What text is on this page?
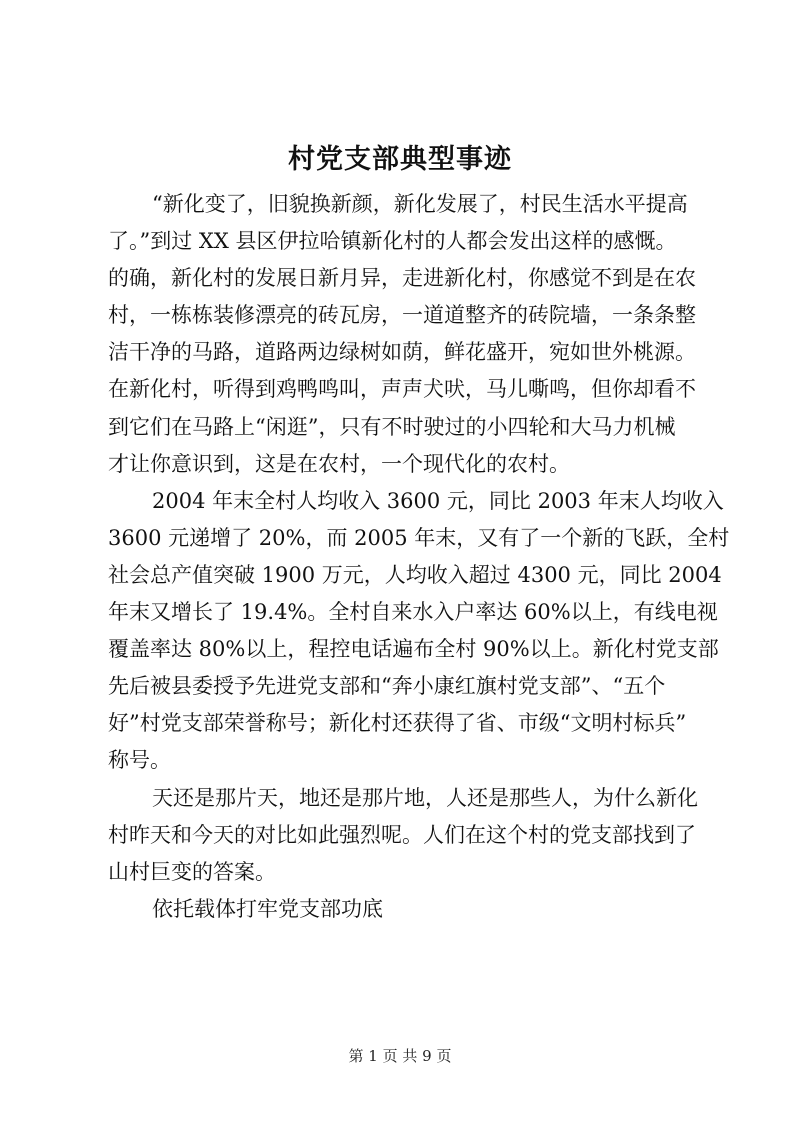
村党支部典型事迹

“新化变了，旧貌换新颜，新化发展了，村民生活水平提高

了。”到过 XX 县区伊拉哈镇新化村的人都会发出这样的感慨。

的确，新化村的发展日新月异，走进新化村，你感觉不到是在农

村，一栋栋装修漂亮的砖瓦房，一道道整齐的砖院墙，一条条整

洁干净的马路，道路两边绿树如荫，鲜花盛开，宛如世外桃源。

在新化村，听得到鸡鸭鸣叫，声声犬吠，马儿嘶鸣，但你却看不

到它们在马路上“闲逛”，只有不时驶过的小四轮和大马力机械

才让你意识到，这是在农村，一个现代化的农村。

2004 年末全村人均收入 3600 元，同比 2003 年末人均收入

3600 元递增了 20%，而 2005 年末，又有了一个新的飞跃，全村

社会总产值突破 1900 万元，人均收入超过 4300 元，同比 2004

年末又增长了 19.4%。全村自来水入户率达 60%以上，有线电视

覆盖率达 80%以上，程控电话遍布全村 90%以上。新化村党支部

先后被县委授予先进党支部和“奔小康红旗村党支部”、“五个

好”村党支部荣誉称号；新化村还获得了省、市级“文明村标兵”

称号。

天还是那片天，地还是那片地，人还是那些人，为什么新化

村昨天和今天的对比如此强烈呢。人们在这个村的党支部找到了

山村巨变的答案。

依托载体打牢党支部功底

第 1 页 共 9 页
